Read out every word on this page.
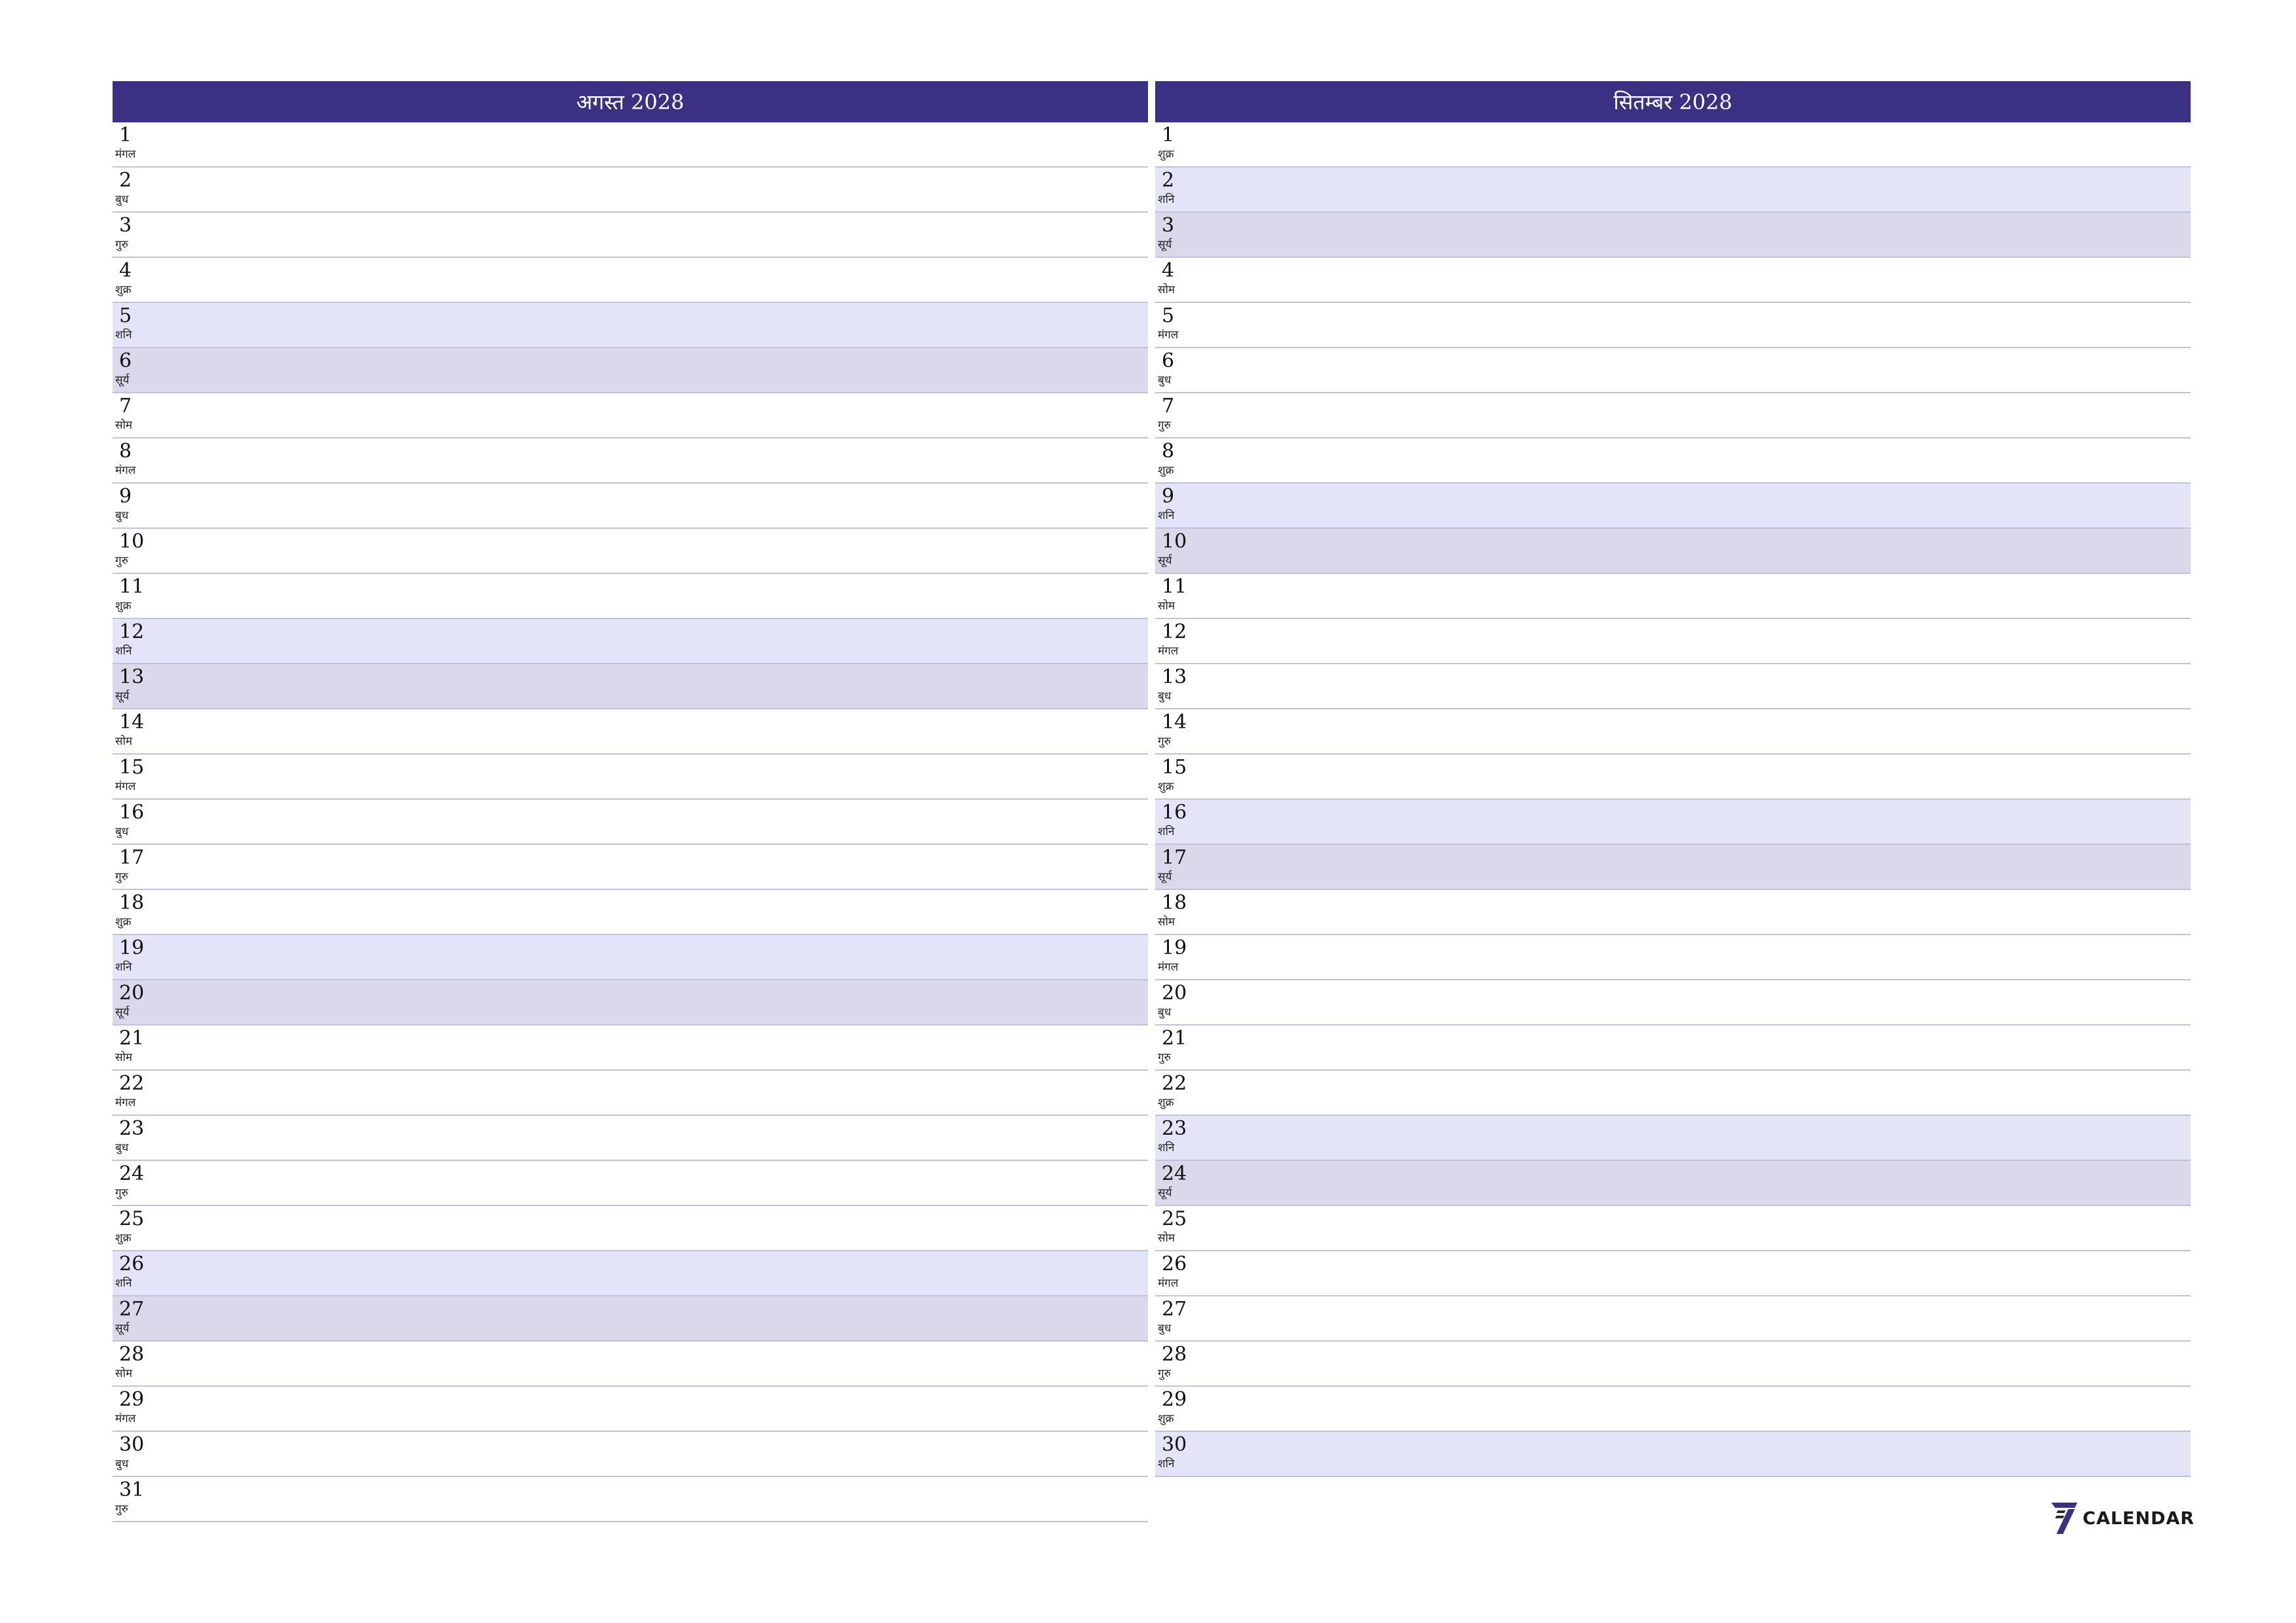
अगस्त 2028
1
मंगल
2
बुध
3
गुरु
4
शुक्र
5
शनि
6
सूर्य
7
सोम
8
मंगल
9
बुध
10
गुरु
11
शुक्र
12
शनि
13
सूर्य
14
सोम
15
मंगल
16
बुध
17
गुरु
18
शुक्र
19
शनि
20
सूर्य
21
सोम
22
मंगल
23
बुध
24
गुरु
25
शुक्र
26
शनि
27
सूर्य
28
सोम
29
मंगल
30
बुध
31
गुरु
सितम्बर 2028
1
शुक्र
2
शनि
3
सूर्य
4
सोम
5
मंगल
6
बुध
7
गुरु
8
शुक्र
9
शनि
10
सूर्य
11
सोम
12
मंगल
13
बुध
14
गुरु
15
शुक्र
16
शनि
17
सूर्य
18
सोम
19
मंगल
20
बुध
21
गुरु
22
शुक्र
23
शनि
24
सूर्य
25
सोम
26
मंगल
27
बुध
28
गुरु
29
शुक्र
30
शनि
CALENDAR
